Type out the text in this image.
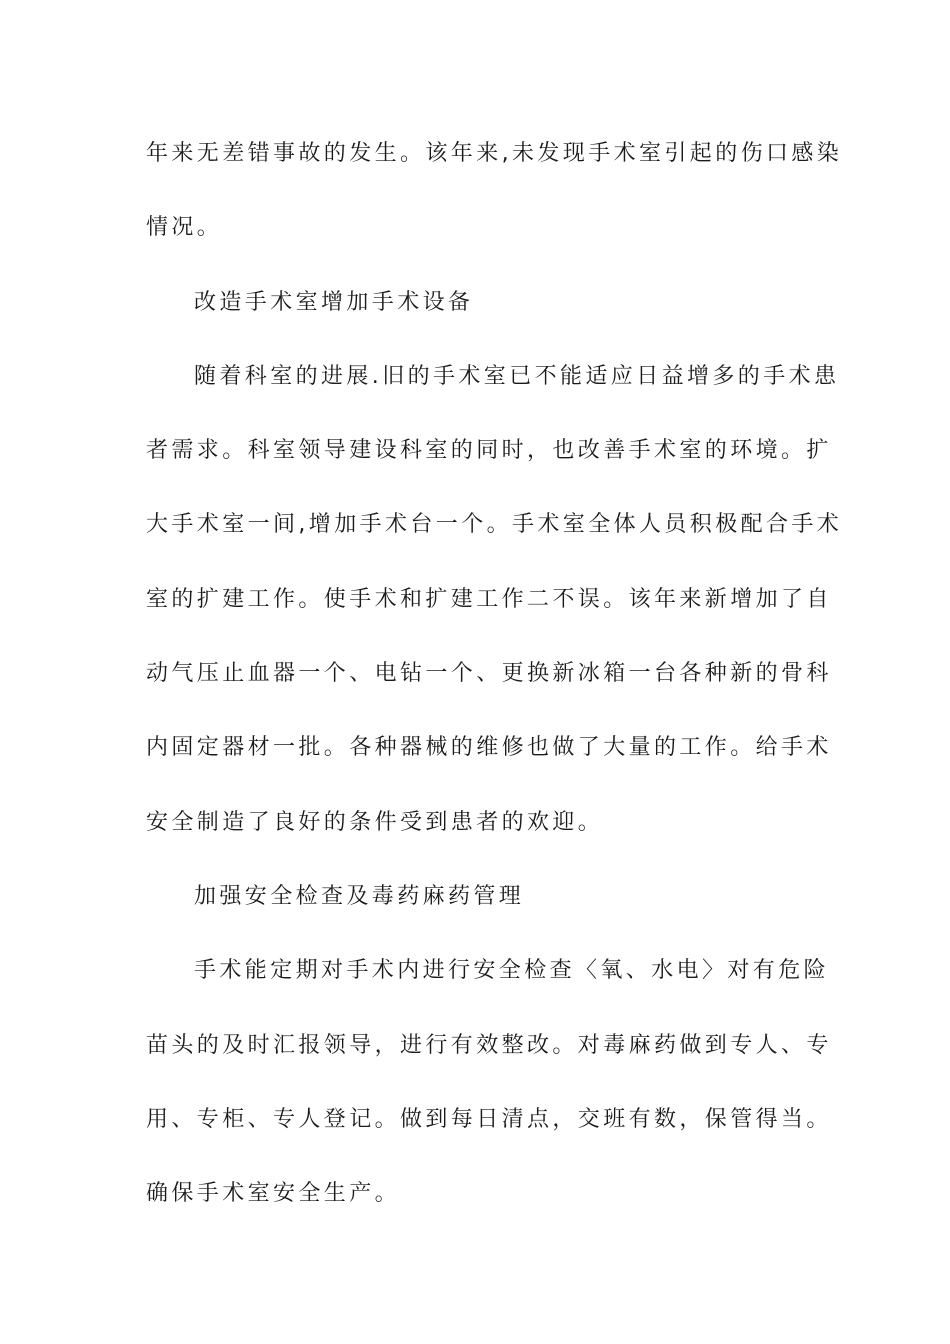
年来无差错事故的发生。该年来,未发现手术室引起的伤口感染
情况。
改造手术室增加手术设备
随着科室的进展.旧的手术室已不能适应日益增多的手术患
者需求。科室领导建设科室的同时，也改善手术室的环境。扩
大手术室一间,增加手术台一个。手术室全体人员积极配合手术
室的扩建工作。使手术和扩建工作二不误。该年来新增加了自
动气压止血器一个、电钻一个、更换新冰箱一台各种新的骨科
内固定器材一批。各种器械的维修也做了大量的工作。给手术
安全制造了良好的条件受到患者的欢迎。
加强安全检查及毒药麻药管理
手术能定期对手术内进行安全检查〈氧、水电〉对有危险
苗头的及时汇报领导，进行有效整改。对毒麻药做到专人、专
用、专柜、专人登记。做到每日清点，交班有数，保管得当。
确保手术室安全生产。
